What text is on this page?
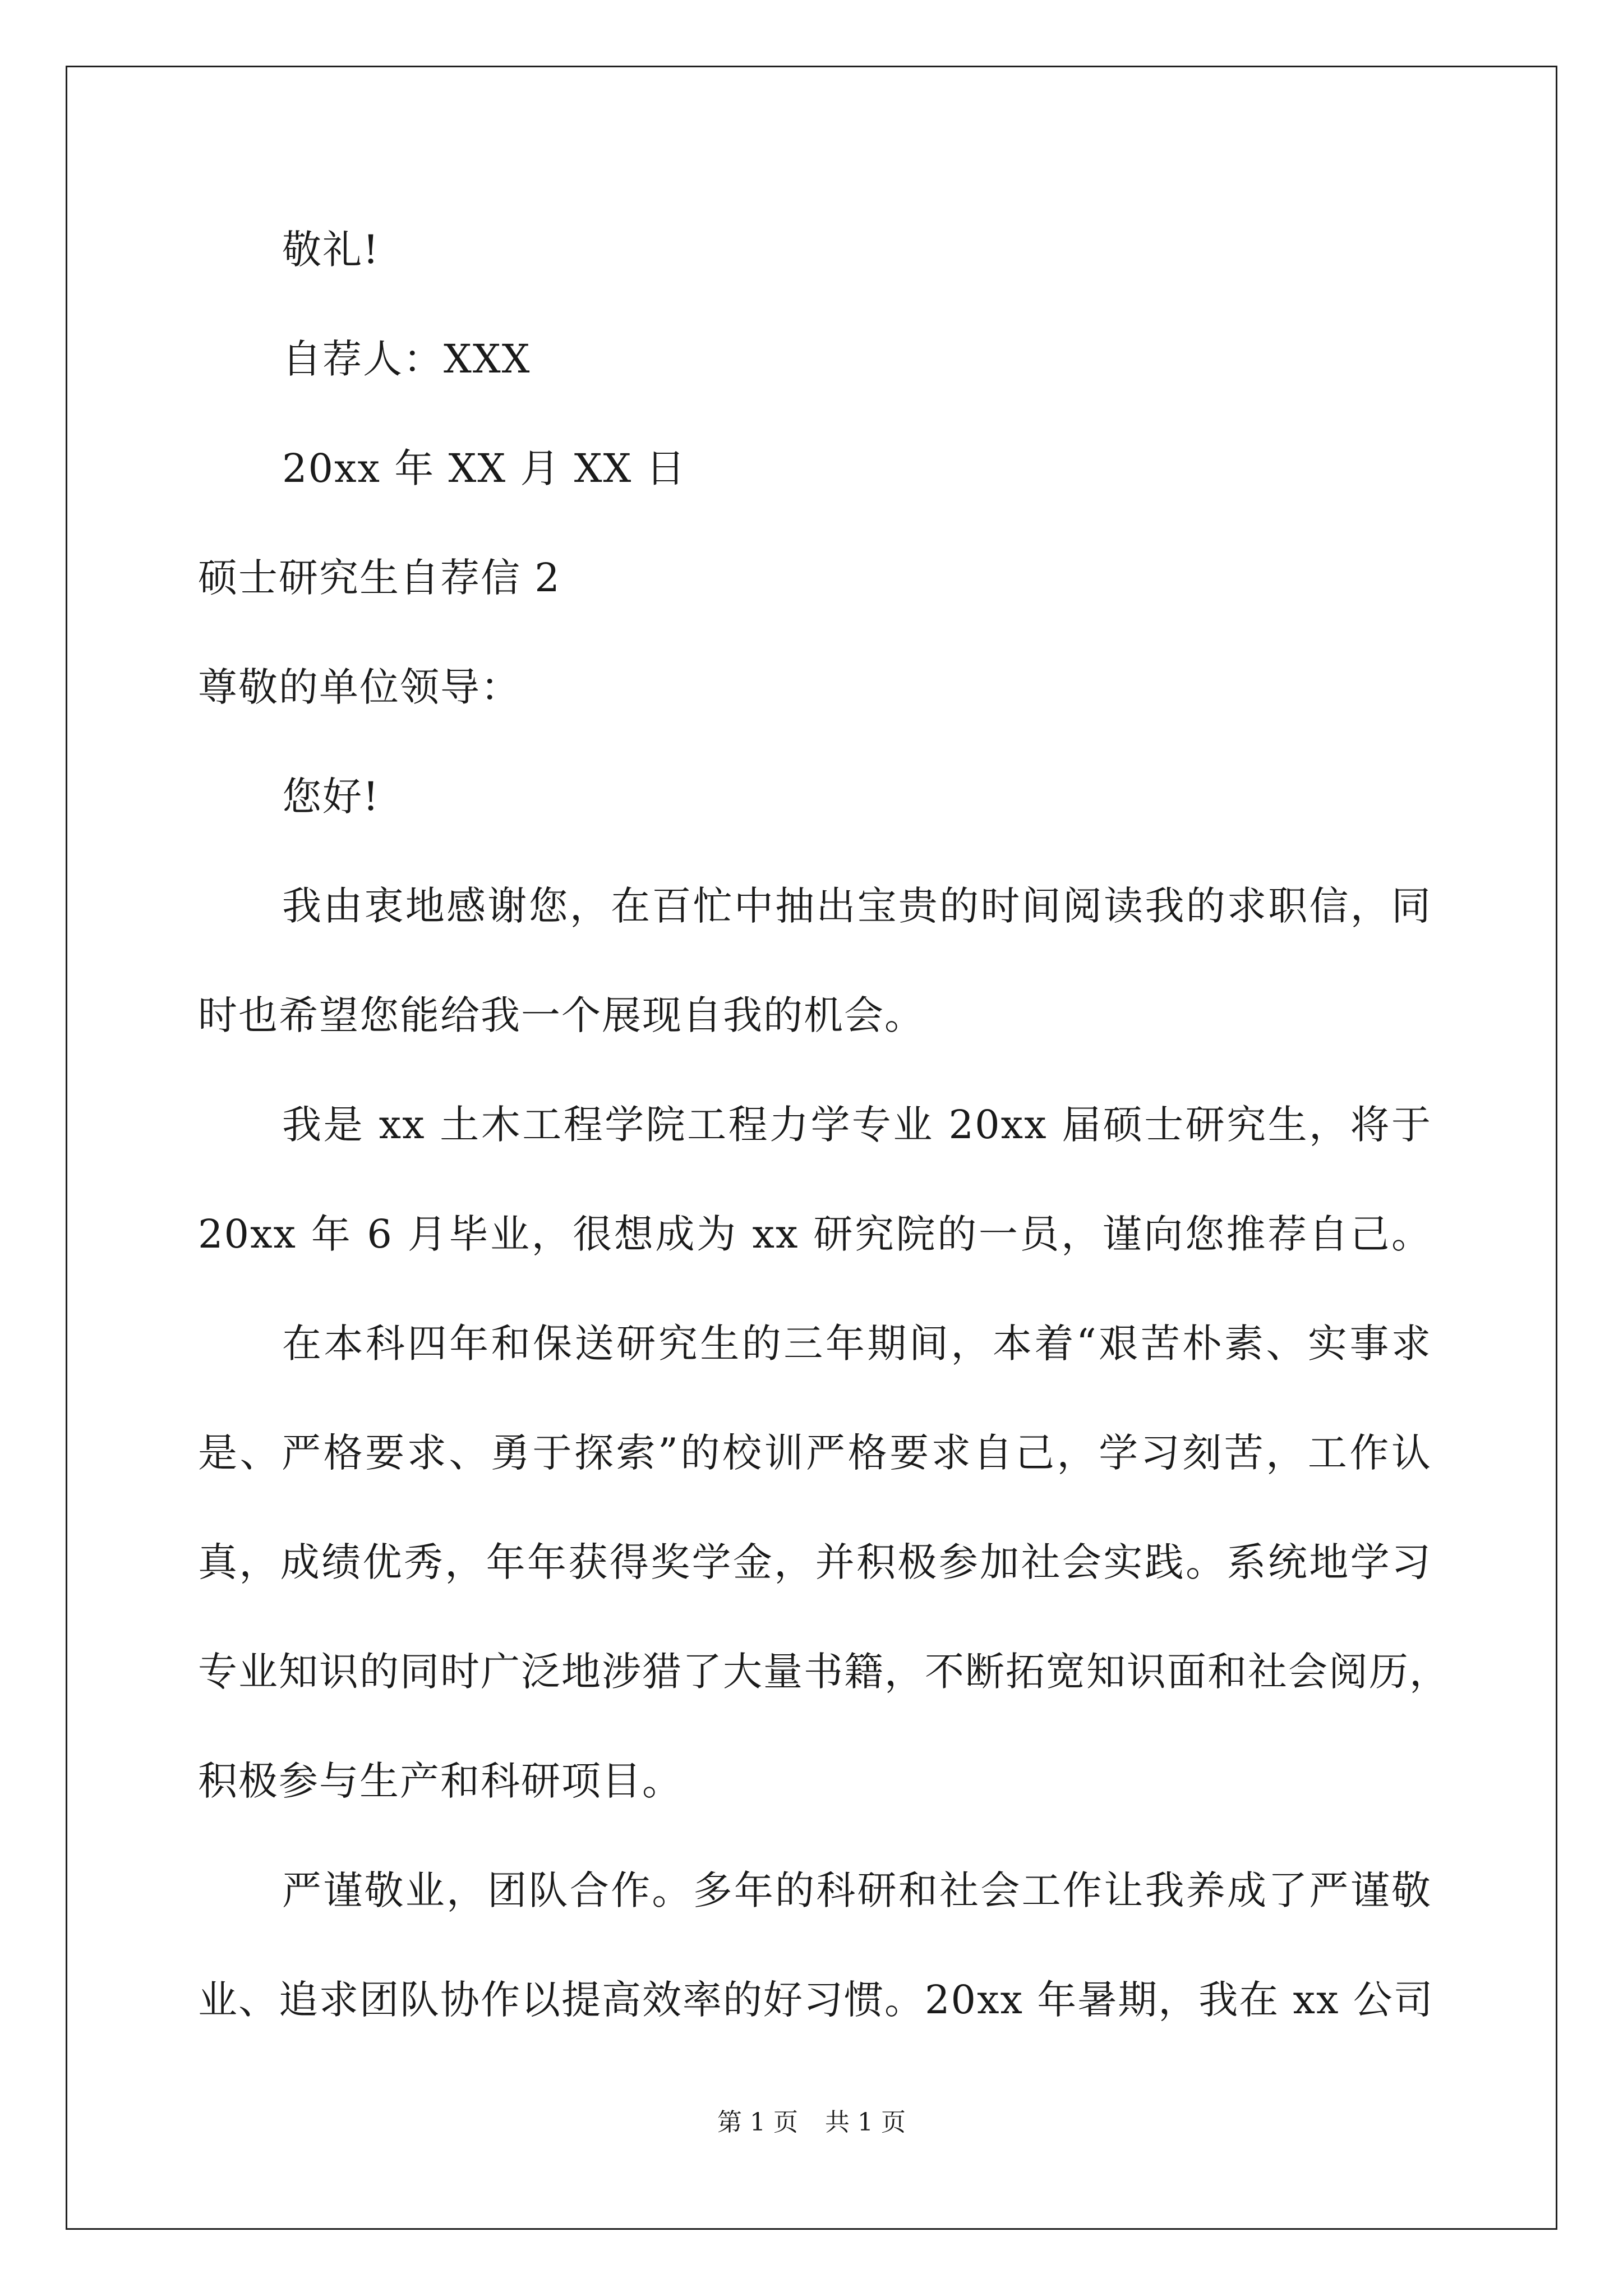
敬礼!
自荐人：XXX
20xx 年 XX 月 XX 日
硕士研究生自荐信 2
尊敬的单位领导：
您好!
我由衷地感谢您，在百忙中抽出宝贵的时间阅读我的求职信，同
时也希望您能给我一个展现自我的机会。
我是 xx 土木工程学院工程力学专业 20xx 届硕士研究生，将于
20xx 年 6 月毕业，很想成为 xx 研究院的一员，谨向您推荐自己。
在本科四年和保送研究生的三年期间，本着“艰苦朴素、实事求
是、严格要求、勇于探索”的校训严格要求自己，学习刻苦，工作认
真，成绩优秀，年年获得奖学金，并积极参加社会实践。系统地学习
专业知识的同时广泛地涉猎了大量书籍，不断拓宽知识面和社会阅历，
积极参与生产和科研项目。
严谨敬业，团队合作。多年的科研和社会工作让我养成了严谨敬
业、追求团队协作以提高效率的好习惯。20xx 年暑期，我在 xx 公司
第 1 页 共 1 页
